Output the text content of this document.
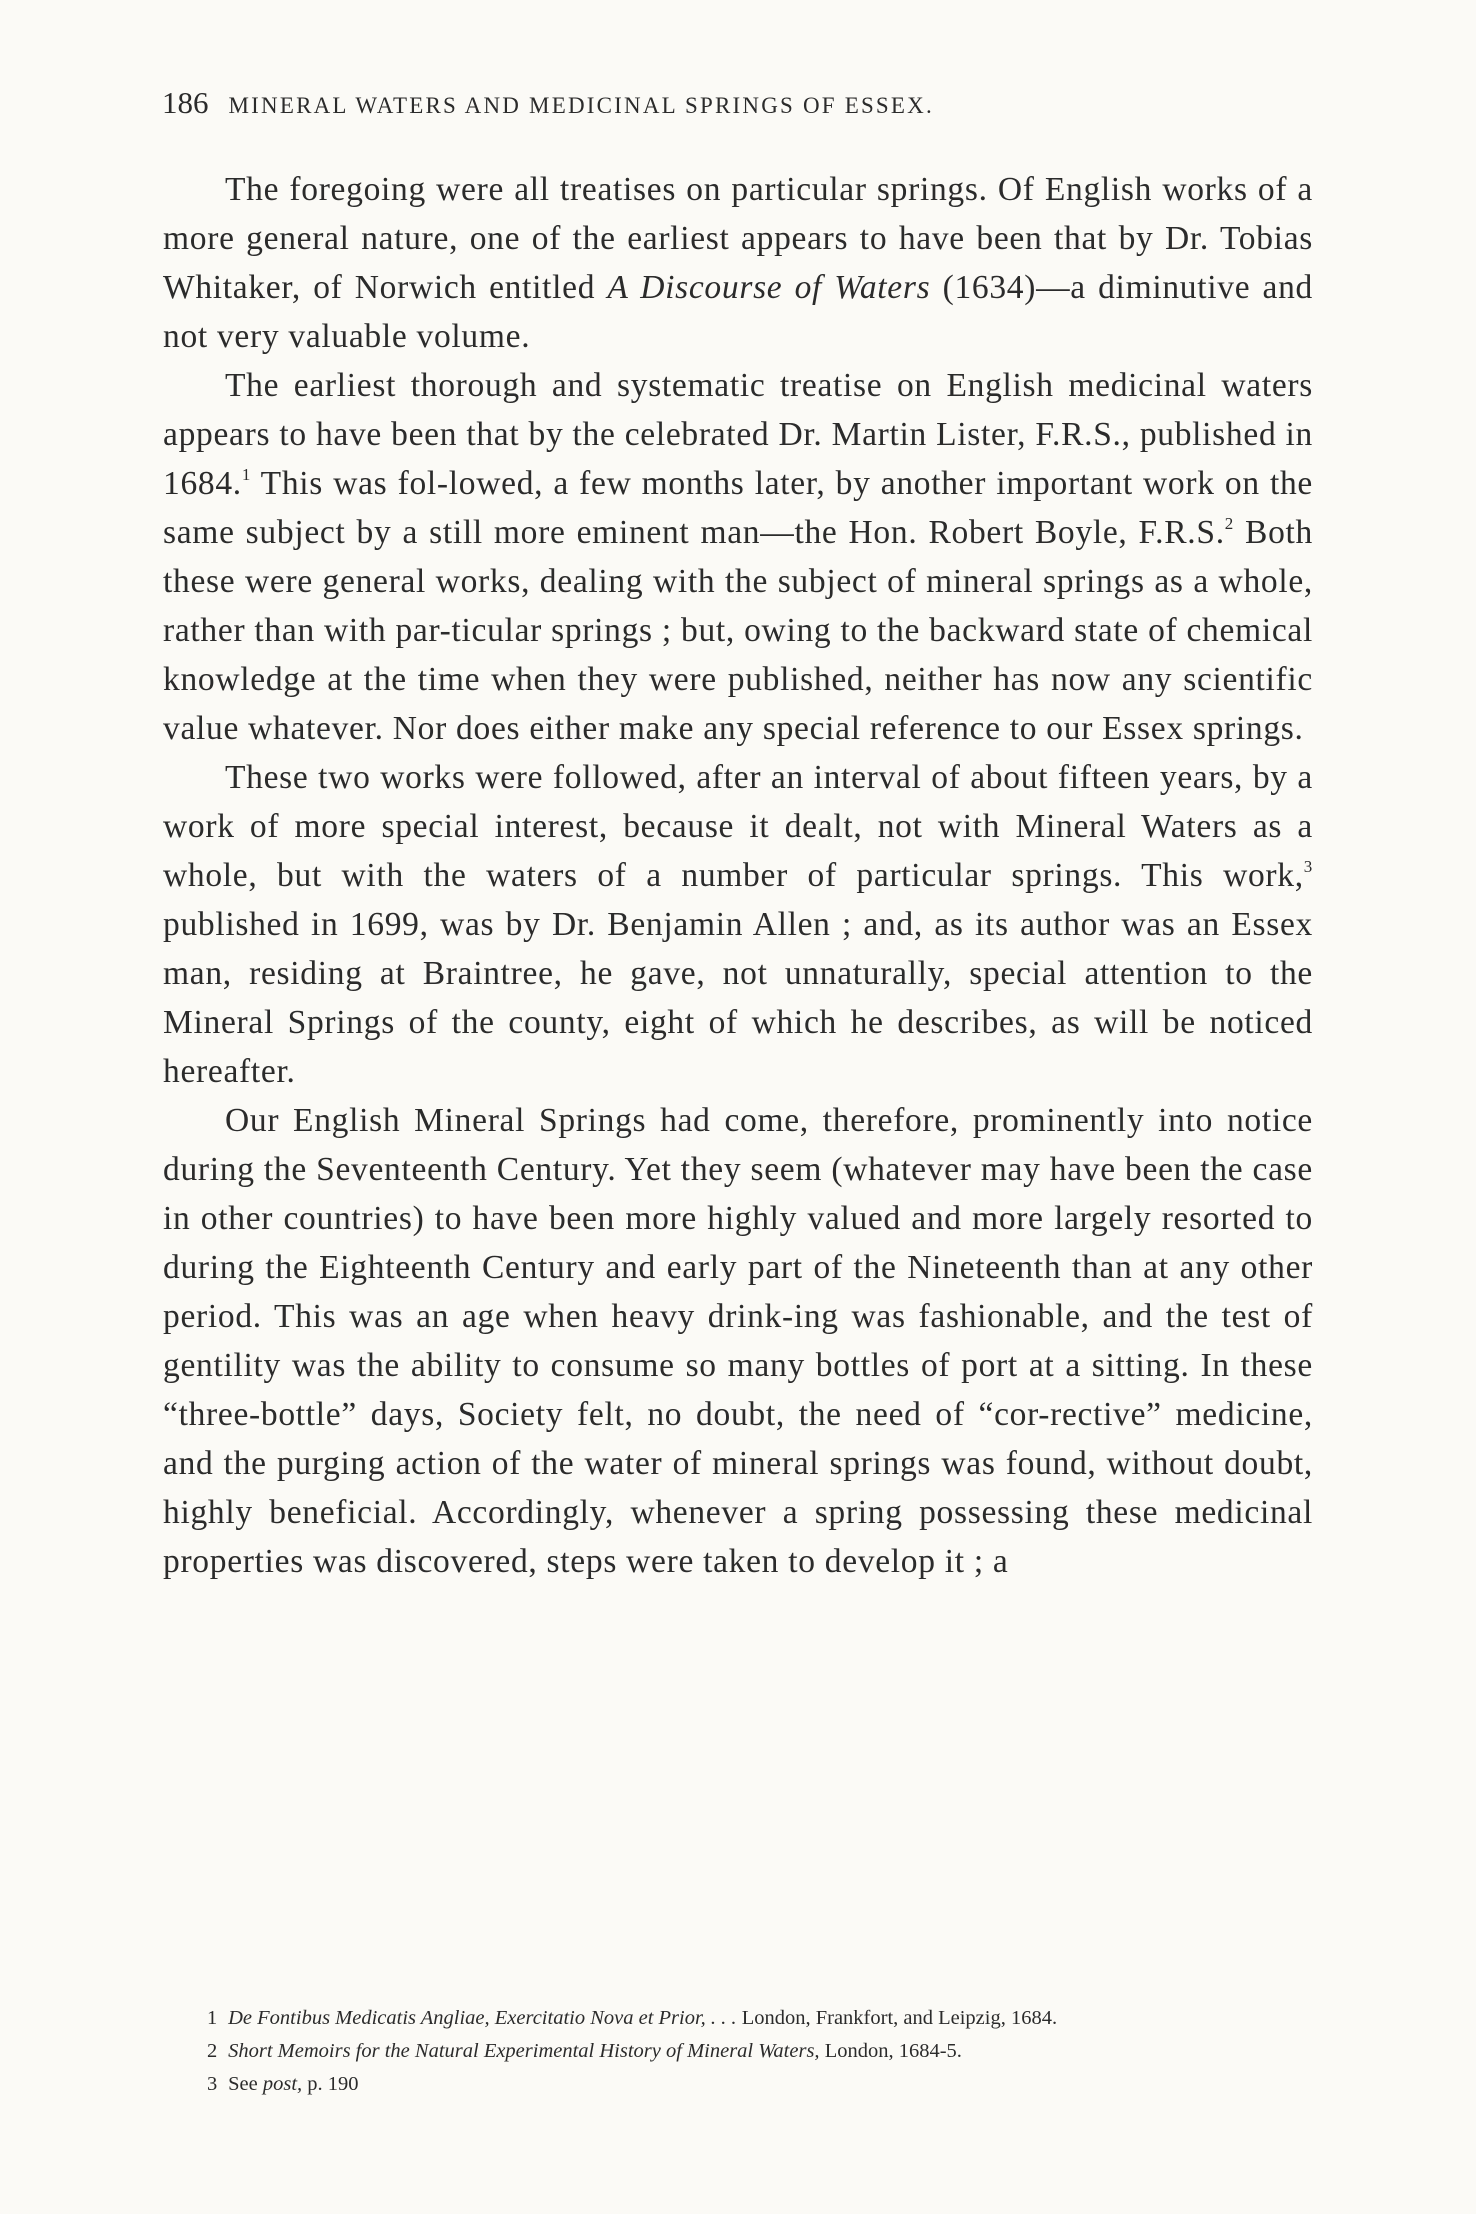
186 MINERAL WATERS AND MEDICINAL SPRINGS OF ESSEX.

The foregoing were all treatises on particular springs. Of English works of a more general nature, one of the earliest appears to have been that by Dr. Tobias Whitaker, of Norwich entitled A Discourse of Waters (1634)—a diminutive and not very valuable volume.

The earliest thorough and systematic treatise on English medicinal waters appears to have been that by the celebrated Dr. Martin Lister, F.R.S., published in 1684.$^1$ This was fol-lowed, a few months later, by another important work on the same subject by a still more eminent man—the Hon. Robert Boyle, F.R.S.$^2$ Both these were general works, dealing with the subject of mineral springs as a whole, rather than with par-ticular springs ; but, owing to the backward state of chemical knowledge at the time when they were published, neither has now any scientific value whatever. Nor does either make any special reference to our Essex springs.

These two works were followed, after an interval of about fifteen years, by a work of more special interest, because it dealt, not with Mineral Waters as a whole, but with the waters of a number of particular springs. This work,$^3$ published in 1699, was by Dr. Benjamin Allen ; and, as its author was an Essex man, residing at Braintree, he gave, not unnaturally, special attention to the Mineral Springs of the county, eight of which he describes, as will be noticed hereafter.

Our English Mineral Springs had come, therefore, prominently into notice during the Seventeenth Century. Yet they seem (whatever may have been the case in other countries) to have been more highly valued and more largely resorted to during the Eighteenth Century and early part of the Nineteenth than at any other period. This was an age when heavy drink-ing was fashionable, and the test of gentility was the ability to consume so many bottles of port at a sitting. In these “three-bottle” days, Society felt, no doubt, the need of “cor-rective” medicine, and the purging action of the water of mineral springs was found, without doubt, highly beneficial. Accordingly, whenever a spring possessing these medicinal properties was discovered, steps were taken to develop it ; a

1 De Fontibus Medicatis Angliae, Exercitatio Nova et Prior, . . . London, Frankfort, and Leipzig, 1684.

2 Short Memoirs for the Natural Experimental History of Mineral Waters, London, 1684-5.

3 See post, p. 190
